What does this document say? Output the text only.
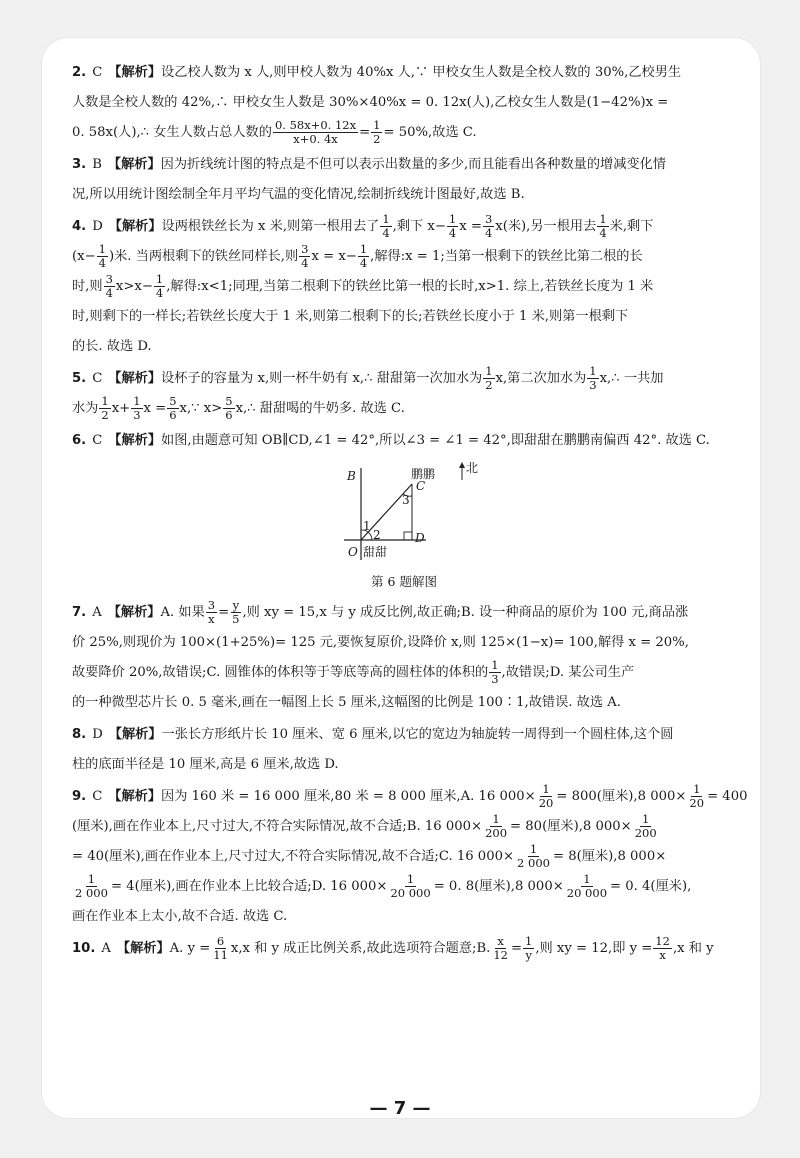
2. C 【解析】设乙校人数为 x 人,则甲校人数为 40%x 人,∵ 甲校女生人数是全校人数的 30%,乙校男生
人数是全校人数的 42%,∴ 甲校女生人数是 30%×40%x = 0. 12x(人),乙校女生人数是(1−42%)x =
0. 58x(人),∴ 女生人数占总人数的 $\frac{0. 58x+0. 12x}{x+0. 4x} = \frac{1}{2} = 50\%$,故选 C.
3. B 【解析】因为折线统计图的特点是不但可以表示出数量的多少,而且能看出各种数量的增减变化情
况,所以用统计图绘制全年月平均气温的变化情况,绘制折线统计图最好,故选 B.
4. D 【解析】设两根铁丝长为 x 米,则第一根用去了 $\frac{1}{4}$ ,剩下 $x- \frac{1}{4}$ $x = \frac{3}{4} x$(米),另一根用去 $\frac{1}{4}$ 米,剩下
($x- \frac{1}{4}$ )米. 当两根剩下的铁丝同样长,则 $\frac{3}{4}$ $x = x- \frac{1}{4}$ ,解得:x = 1;当第一根剩下的铁丝比第二根的长
时,则 $\frac{3}{4} x>x- \frac{1}{4}$ ,解得:x<1;同理,当第二根剩下的铁丝比第一根的长时,x>1. 综上,若铁丝长度为 1 米
时,则剩下的一样长;若铁丝长度大于 1 米,则第二根剩下的长;若铁丝长度小于 1 米,则第一根剩下
的长. 故选 D.
5. C 【解析】设杯子的容量为 x,则一杯牛奶有 x,∴ 甜甜第一次加水为 $\frac{1}{2} x$,第二次加水为 $\frac{1}{3}$ x,∴ 一共加
水为 $\frac{1}{2} x+ \frac{1}{3}$ $x = \frac{5}{6}$ x,∵ $x> \frac{5}{6}$ x,∴ 甜甜喝的牛奶多. 故选 C.
6. C 【解析】如图,由题意可知 OB∥CD,∠1 = 42°,所以∠3 = ∠1 = 42°,即甜甜在鹏鹏南偏西 42°. 故选 C.
B	鹏鹏	北
C
3
1
2	D
O 甜甜
第 6 题解图
7. A 【解析】A. 如果 $\frac{3}{x} = \frac{y}{5}$ ,则 xy = 15,x 与 y 成反比例,故正确;B. 设一种商品的原价为 100 元,商品涨
价 25%,则现价为 100×(1+25%)= 125 元,要恢复原价,设降价 x,则 125×(1−x)= 100,解得 x = 20%,
故要降价 20%,故错误;C. 圆锥体的体积等于等底等高的圆柱体的体积的 $\frac{1}{3}$ ,故错误;D. 某公司生产
的一种微型芯片长 0. 5 毫米,画在一幅图上长 5 厘米,这幅图的比例是 100∶1,故错误. 故选 A.
8. D 【解析】一张长方形纸片长 10 厘米、宽 6 厘米,以它的宽边为轴旋转一周得到一个圆柱体,这个圆
柱的底面半径是 10 厘米,高是 6 厘米,故选 D.
9. C 【解析】因为 160 米 = 16 000 厘米,80 米 = 8 000 厘米,A. 16 $000\times \frac{1}{20} = 800$(厘米),8 $000\times \frac{1}{20} = 400$
(厘米),画在作业本上,尺寸过大,不符合实际情况,故不合适;B. 16 $000\times \frac{1}{200} = 80$(厘米),8 $000\times \frac{1}{200}$
= 40(厘米),画在作业本上,尺寸过大,不符合实际情况,故不合适;C. 16 $000\times \frac{1}{2 000} = 8$(厘米),8 000×
$\frac{1}{2 000} = 4$(厘米),画在作业本上比较合适;D. 16 $000\times \frac{1}{20 000} = 0$. 8(厘米),8 $000\times \frac{1}{20 000} = 0$. 4(厘米),
画在作业本上太小,故不合适. 故选 C.
10. A 【解析】A. $y = \frac{6}{11} x,x$ 和 y 成正比例关系,故此选项符合题意;B. $\frac{x}{12} = \frac{1}{y}$ ,则 xy = 12,即 $y = \frac{12}{x} ,x$ 和 y
— 7 —
